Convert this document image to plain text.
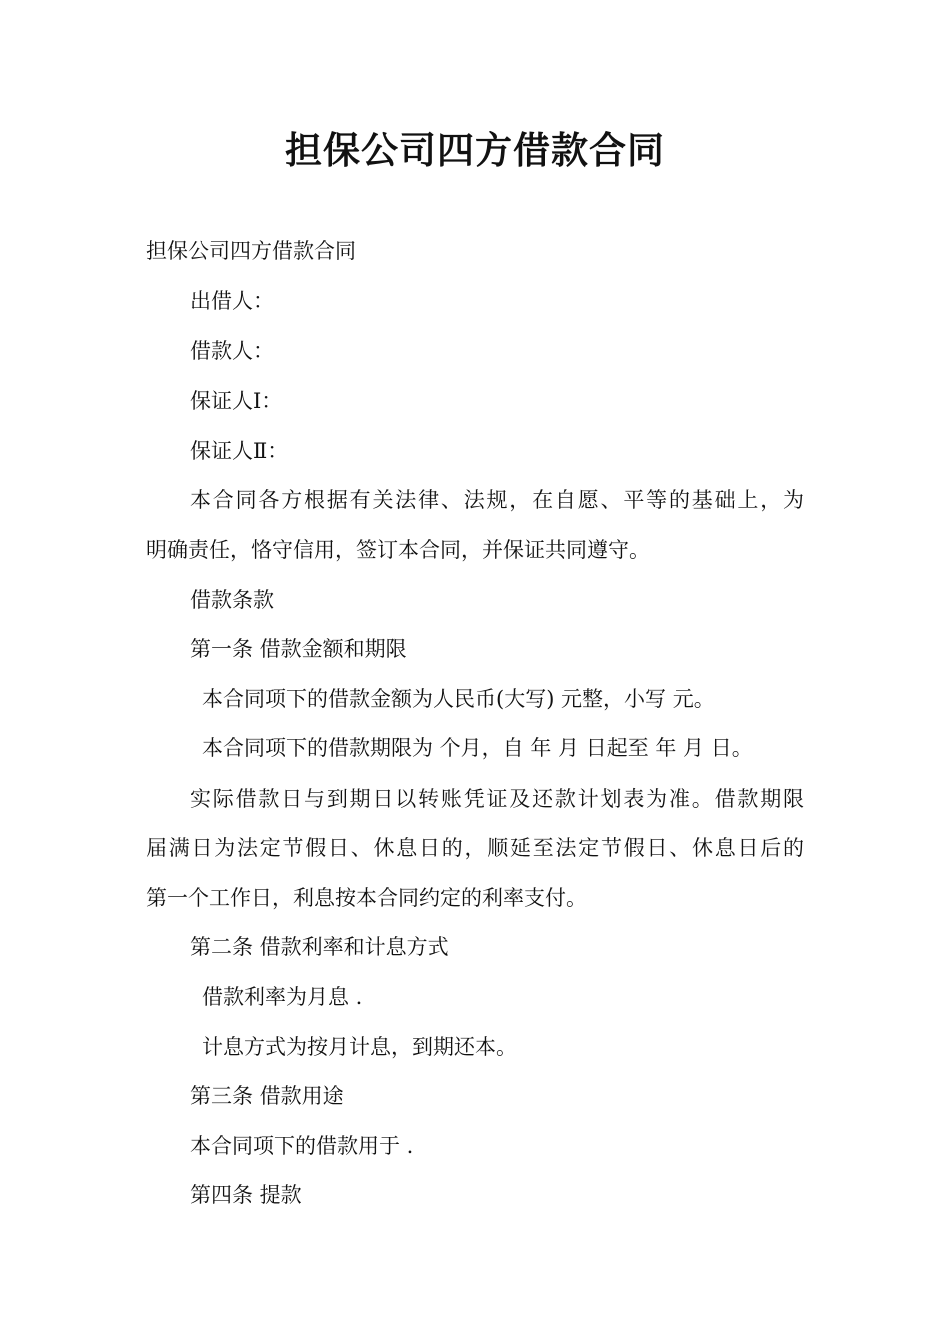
担保公司四方借款合同

担保公司四方借款合同

出借人：

借款人：

保证人Ⅰ：

保证人Ⅱ：

本合同各方根据有关法律、法规，在自愿、平等的基础上，为

明确责任，恪守信用，签订本合同，并保证共同遵守。

借款条款

第一条 借款金额和期限

本合同项下的借款金额为人民币(大写) 元整，小写 元。

本合同项下的借款期限为 个月，自 年 月 日起至 年 月 日。

实际借款日与到期日以转账凭证及还款计划表为准。借款期限

届满日为法定节假日、休息日的，顺延至法定节假日、休息日后的

第一个工作日，利息按本合同约定的利率支付。

第二条 借款利率和计息方式

借款利率为月息 .

计息方式为按月计息，到期还本。

第三条 借款用途

本合同项下的借款用于 .

第四条 提款
